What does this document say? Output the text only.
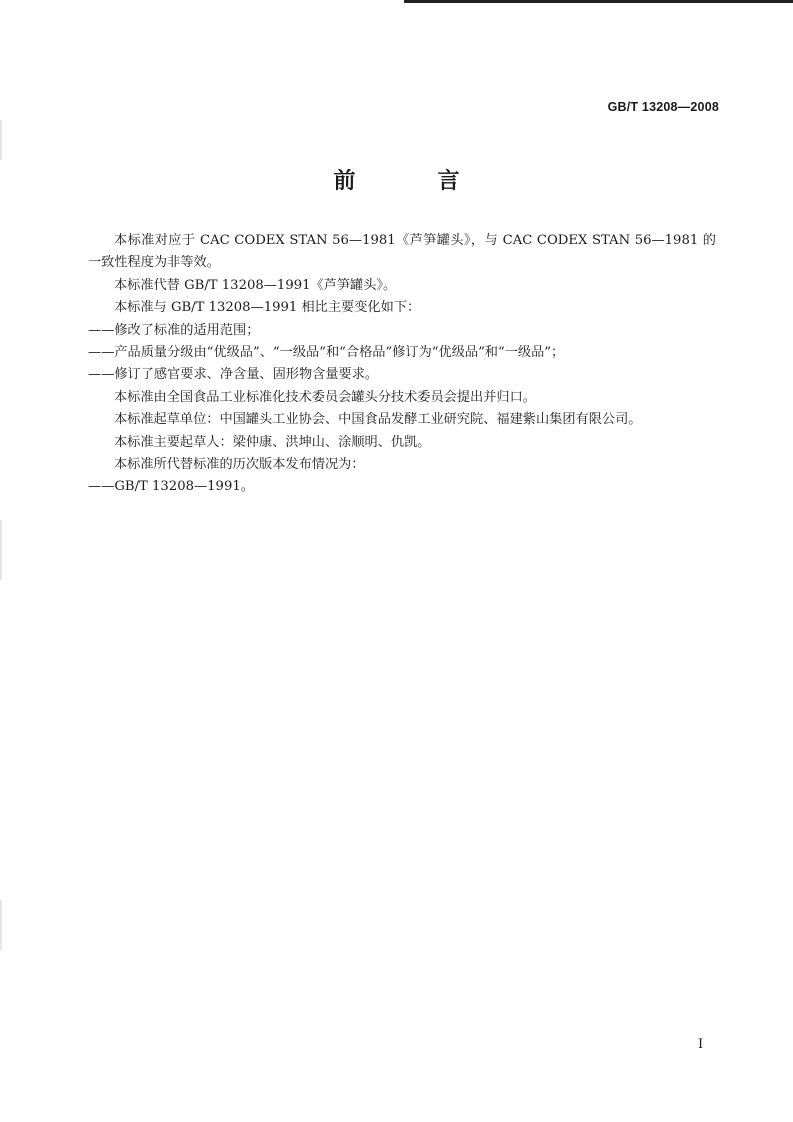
GB/T 13208—2008
前　言

本标准对应于 CAC CODEX STAN 56—1981《芦笋罐头》，与 CAC CODEX STAN 56—1981 的一致性程度为非等效。

本标准代替 GB/T 13208—1991《芦笋罐头》。

本标准与 GB/T 13208—1991 相比主要变化如下：

——修改了标准的适用范围；

——产品质量分级由“优级品”、“一级品”和“合格品”修订为“优级品”和“一级品”；

——修订了感官要求、净含量、固形物含量要求。

本标准由全国食品工业标准化技术委员会罐头分技术委员会提出并归口。

本标准起草单位：中国罐头工业协会、中国食品发酵工业研究院、福建紫山集团有限公司。

本标准主要起草人：梁仲康、洪坤山、涂顺明、仇凯。

本标准所代替标准的历次版本发布情况为：

——GB/T 13208—1991。

I
